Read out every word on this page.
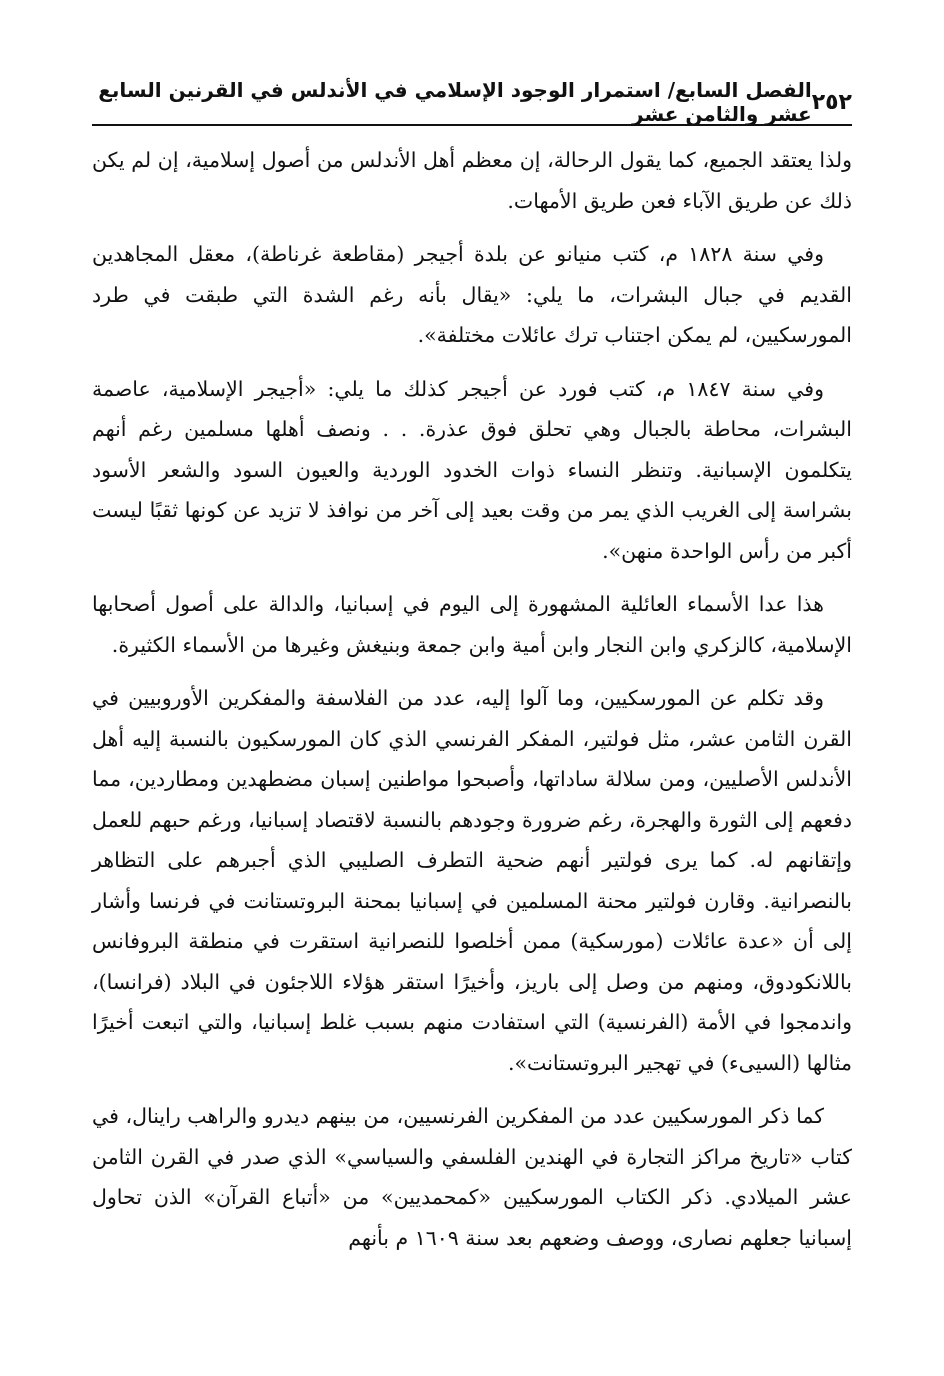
٢٥٢
الفصل السابع/ استمرار الوجود الإسلامي في الأندلس في القرنين السابع عشر والثامن عشر

ولذا يعتقد الجميع، كما يقول الرحالة، إن معظم أهل الأندلس من أصول إسلامية، إن لم يكن ذلك عن طريق الآباء فعن طريق الأمهات.

وفي سنة ١٨٢٨ م، كتب منيانو عن بلدة أجيجر (مقاطعة غرناطة)، معقل المجاهدين القديم في جبال البشرات، ما يلي: «يقال بأنه رغم الشدة التي طبقت في طرد المورسكيين، لم يمكن اجتناب ترك عائلات مختلفة».

وفي سنة ١٨٤٧ م، كتب فورد عن أجيجر كذلك ما يلي: «أجيجر الإسلامية، عاصمة البشرات، محاطة بالجبال وهي تحلق فوق عذرة. . . ونصف أهلها مسلمين رغم أنهم يتكلمون الإسبانية. وتنظر النساء ذوات الخدود الوردية والعيون السود والشعر الأسود بشراسة إلى الغريب الذي يمر من وقت بعيد إلى آخر من نوافذ لا تزيد عن كونها ثقبًا ليست أكبر من رأس الواحدة منهن».

هذا عدا الأسماء العائلية المشهورة إلى اليوم في إسبانيا، والدالة على أصول أصحابها الإسلامية، كالزكري وابن النجار وابن أمية وابن جمعة وبنيغش وغيرها من الأسماء الكثيرة.

وقد تكلم عن المورسكيين، وما آلوا إليه، عدد من الفلاسفة والمفكرين الأوروبيين في القرن الثامن عشر، مثل فولتير، المفكر الفرنسي الذي كان المورسكيون بالنسبة إليه أهل الأندلس الأصليين، ومن سلالة ساداتها، وأصبحوا مواطنين إسبان مضطهدين ومطاردين، مما دفعهم إلى الثورة والهجرة، رغم ضرورة وجودهم بالنسبة لاقتصاد إسبانيا، ورغم حبهم للعمل وإتقانهم له. كما يرى فولتير أنهم ضحية التطرف الصليبي الذي أجبرهم على التظاهر بالنصرانية. وقارن فولتير محنة المسلمين في إسبانيا بمحنة البروتستانت في فرنسا وأشار إلى أن «عدة عائلات (مورسكية) ممن أخلصوا للنصرانية استقرت في منطقة البروفانس باللانكودوق، ومنهم من وصل إلى باريز، وأخيرًا استقر هؤلاء اللاجئون في البلاد (فرانسا)، واندمجوا في الأمة (الفرنسية) التي استفادت منهم بسبب غلط إسبانيا، والتي اتبعت أخيرًا مثالها (السيىء) في تهجير البروتستانت».

كما ذكر المورسكيين عدد من المفكرين الفرنسيين، من بينهم ديدرو والراهب راينال، في كتاب «تاريخ مراكز التجارة في الهندين الفلسفي والسياسي» الذي صدر في القرن الثامن عشر الميلادي. ذكر الكتاب المورسكيين «كمحمديين» من «أتباع القرآن» الذن تحاول إسبانيا جعلهم نصارى، ووصف وضعهم بعد سنة ١٦٠٩ م بأنهم
